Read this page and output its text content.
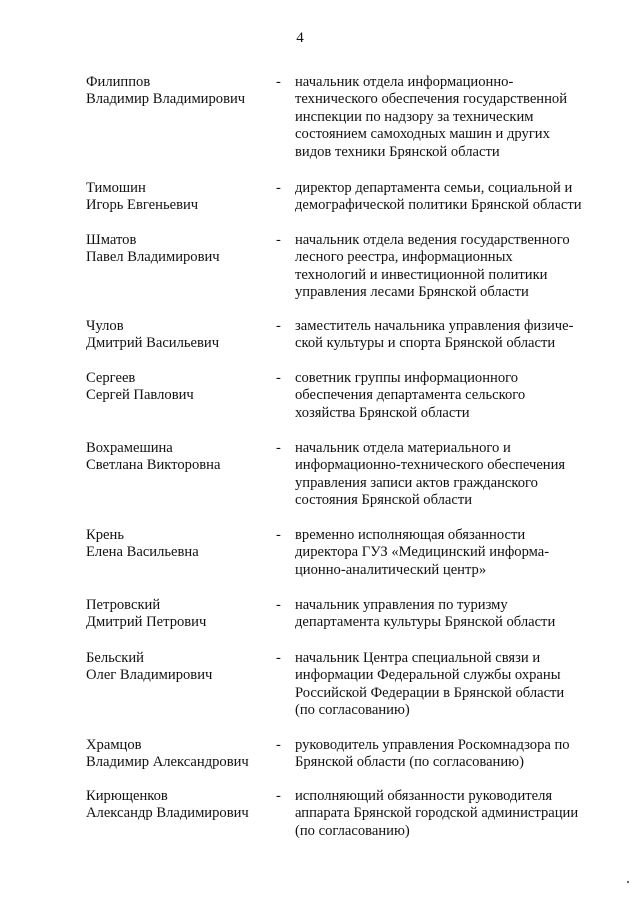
4
Филиппов
Владимир Владимирович
- начальник отдела информационно-
технического обеспечения государственной
инспекции по надзору за техническим
состоянием самоходных машин и других
видов техники Брянской области
Тимошин
Игорь Евгеньевич
- директор департамента семьи, социальной и
демографической политики Брянской области
Шматов
Павел Владимирович
- начальник отдела ведения государственного
лесного реестра, информационных
технологий и инвестиционной политики
управления лесами Брянской области
Чулов
Дмитрий Васильевич
- заместитель начальника управления физиче-
ской культуры и спорта Брянской области
Сергеев
Сергей Павлович
- советник группы информационного
обеспечения департамента сельского
хозяйства Брянской области
Вохрамешина
Светлана Викторовна
- начальник отдела материального и
информационно-технического обеспечения
управления записи актов гражданского
состояния Брянской области
Крень
Елена Васильевна
- временно исполняющая обязанности
директора ГУЗ «Медицинский информа-
ционно-аналитический центр»
Петровский
Дмитрий Петрович
- начальник управления по туризму
департамента культуры Брянской области
Бельский
Олег Владимирович
- начальник Центра специальной связи и
информации Федеральной службы охраны
Российской Федерации в Брянской области
(по согласованию)
Храмцов
Владимир Александрович
- руководитель управления Роскомнадзора по
Брянской области (по согласованию)
Кирющенков
Александр Владимирович
- исполняющий обязанности руководителя
аппарата Брянской городской администрации
(по согласованию)
